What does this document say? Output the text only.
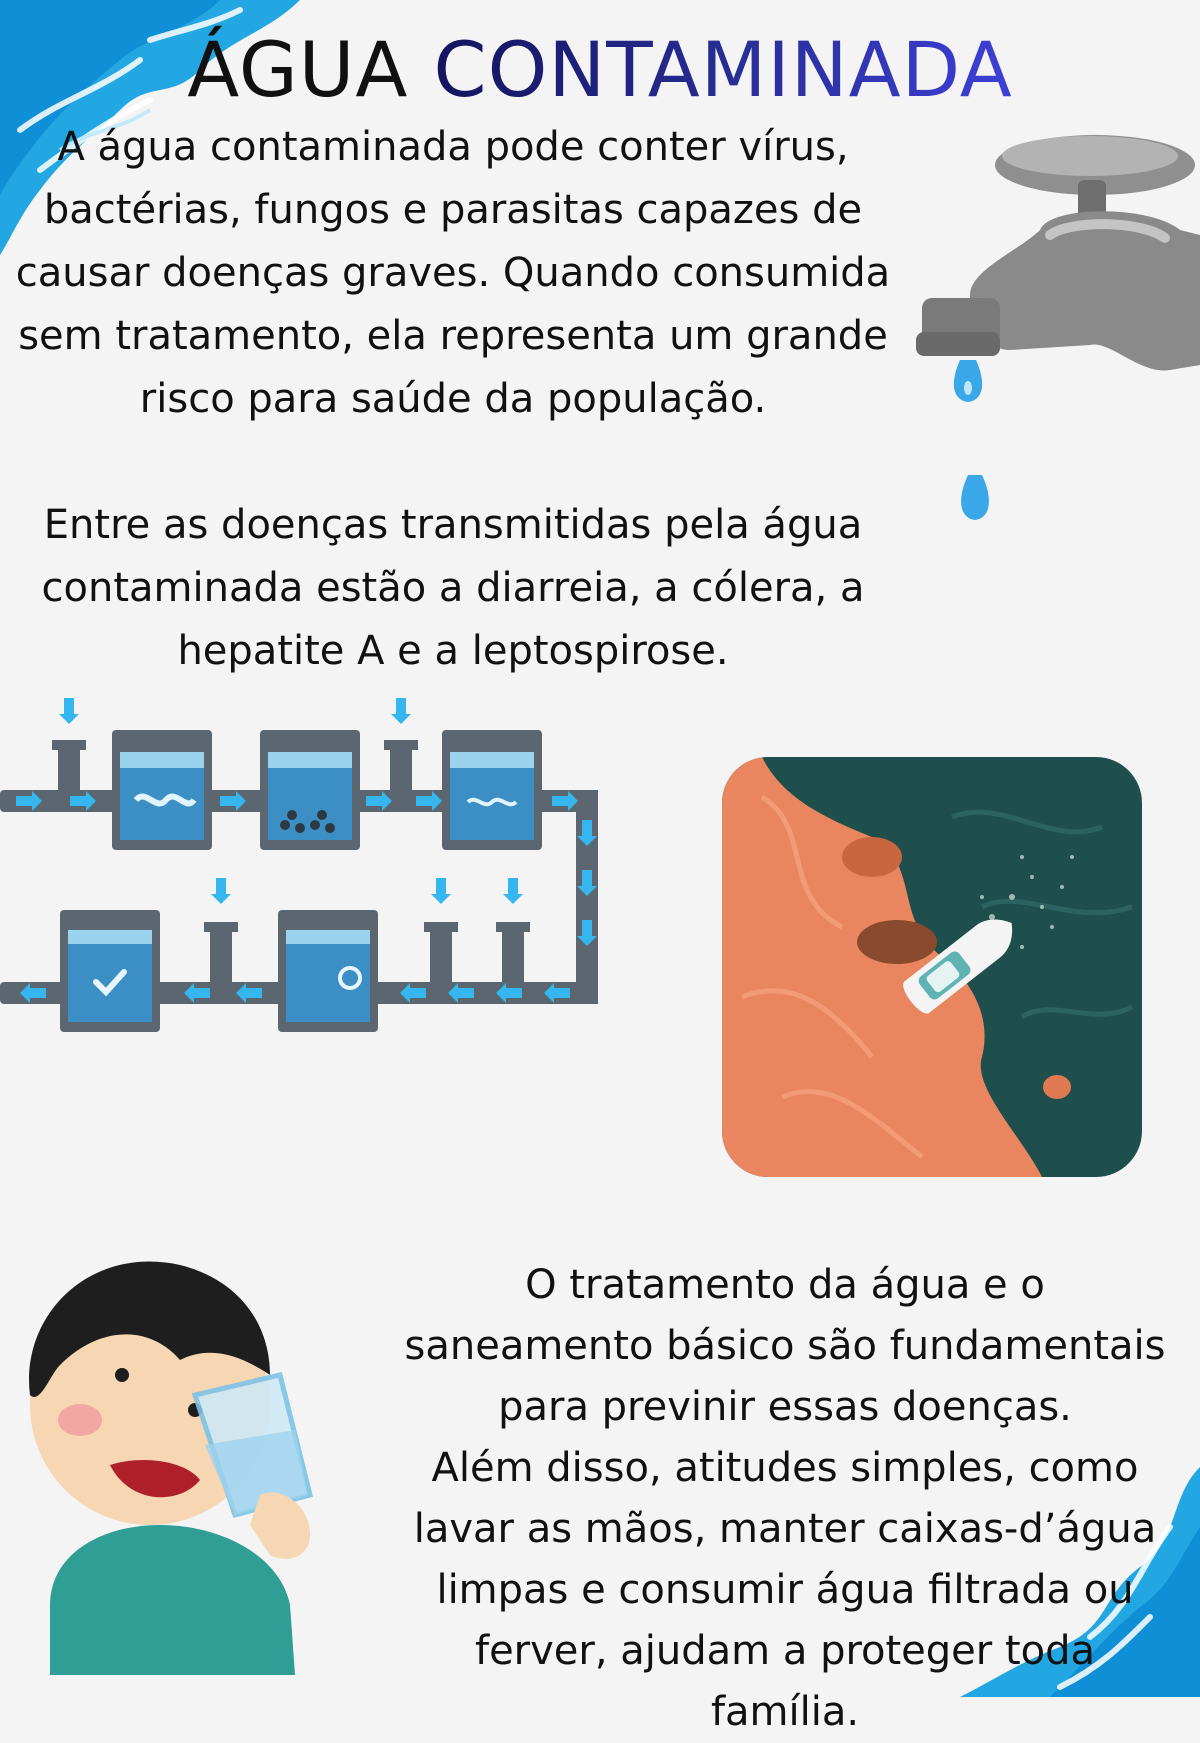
ÁGUA CONTAMINADA

A água contaminada pode conter vírus, bactérias, fungos e parasitas capazes de causar doenças graves. Quando consumida sem tratamento, ela representa um grande risco para saúde da população.

Entre as doenças transmitidas pela água contaminada estão a diarreia, a cólera, a hepatite A e a leptospirose.

O tratamento da água e o saneamento básico são fundamentais para previnir essas doenças.

Além disso, atitudes simples, como lavar as mãos, manter caixas-d’água limpas e consumir água filtrada ou ferver, ajudam a proteger toda família.
